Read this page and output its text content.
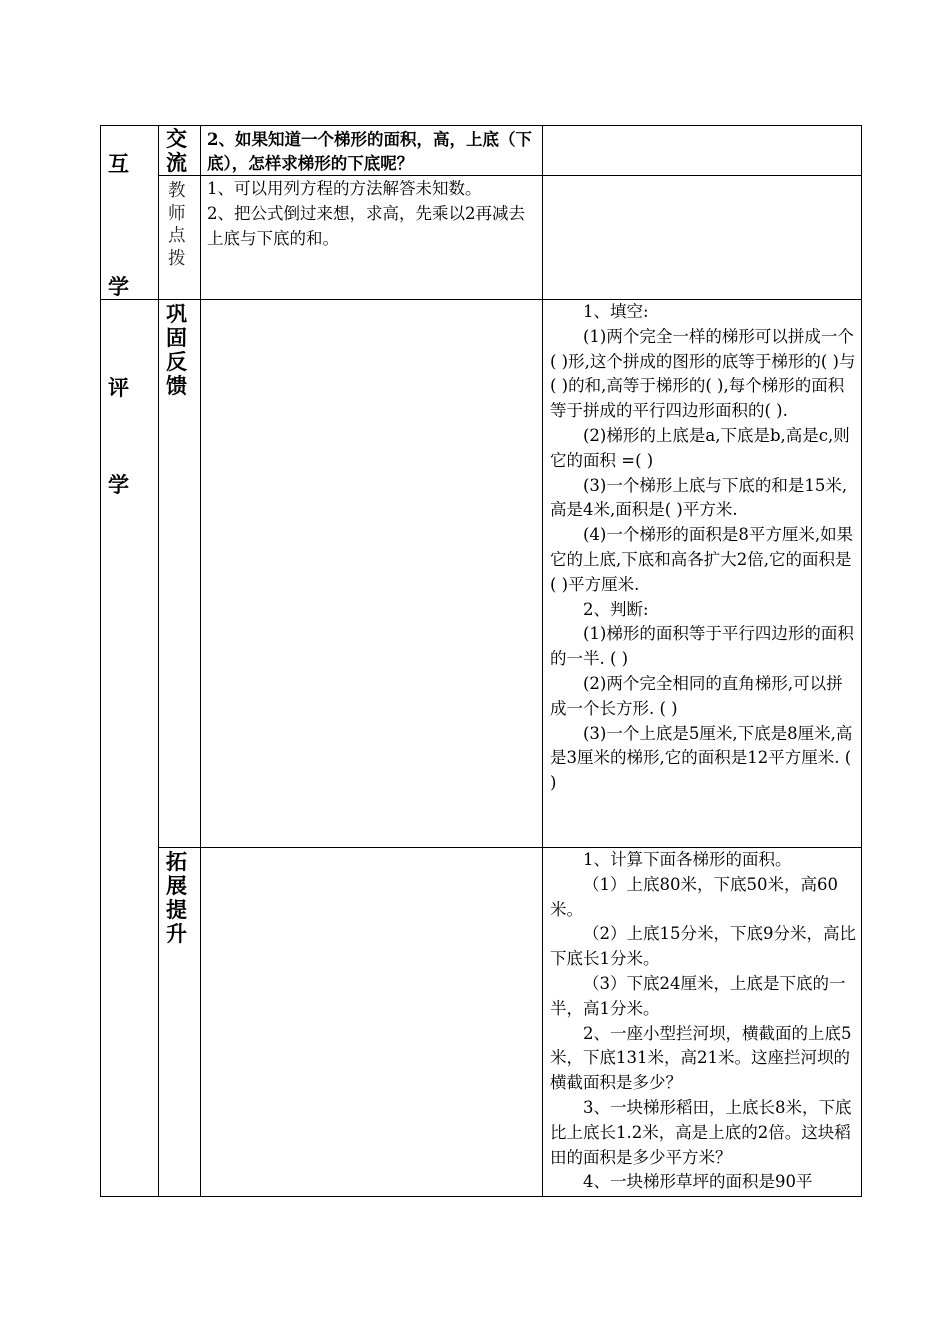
互
学
评
学
交
流
2、如果知道一个梯形的面积，高，上底（下底），怎样求梯形的下底呢？
教
师
点
拨
1、可以用列方程的方法解答未知数。
2、把公式倒过来想，求高，先乘以2再减去上底与下底的和。
巩
固
反
馈
1、填空:
(1)两个完全一样的梯形可以拼成一个( )形,这个拼成的图形的底等于梯形的( )与( )的和,高等于梯形的( ),每个梯形的面积等于拼成的平行四边形面积的( ).
(2)梯形的上底是a,下底是b,高是c,则它的面积 =( )
(3)一个梯形上底与下底的和是15米,高是4米,面积是( )平方米.
(4)一个梯形的面积是8平方厘米,如果它的上底,下底和高各扩大2倍,它的面积是( )平方厘米.
2、判断:
(1)梯形的面积等于平行四边形的面积的一半. ( )
(2)两个完全相同的直角梯形,可以拼成一个长方形. ( )
(3)一个上底是5厘米,下底是8厘米,高是3厘米的梯形,它的面积是12平方厘米. ( )
拓
展
提
升
1、计算下面各梯形的面积。
（1）上底80米，下底50米，高60米。
（2）上底15分米，下底9分米，高比下底长1分米。
（3）下底24厘米，上底是下底的一半，高1分米。
2、一座小型拦河坝，横截面的上底5米，下底131米，高21米。这座拦河坝的横截面积是多少？
3、一块梯形稻田，上底长8米，下底比上底长1.2米，高是上底的2倍。这块稻田的面积是多少平方米？
4、一块梯形草坪的面积是90平
